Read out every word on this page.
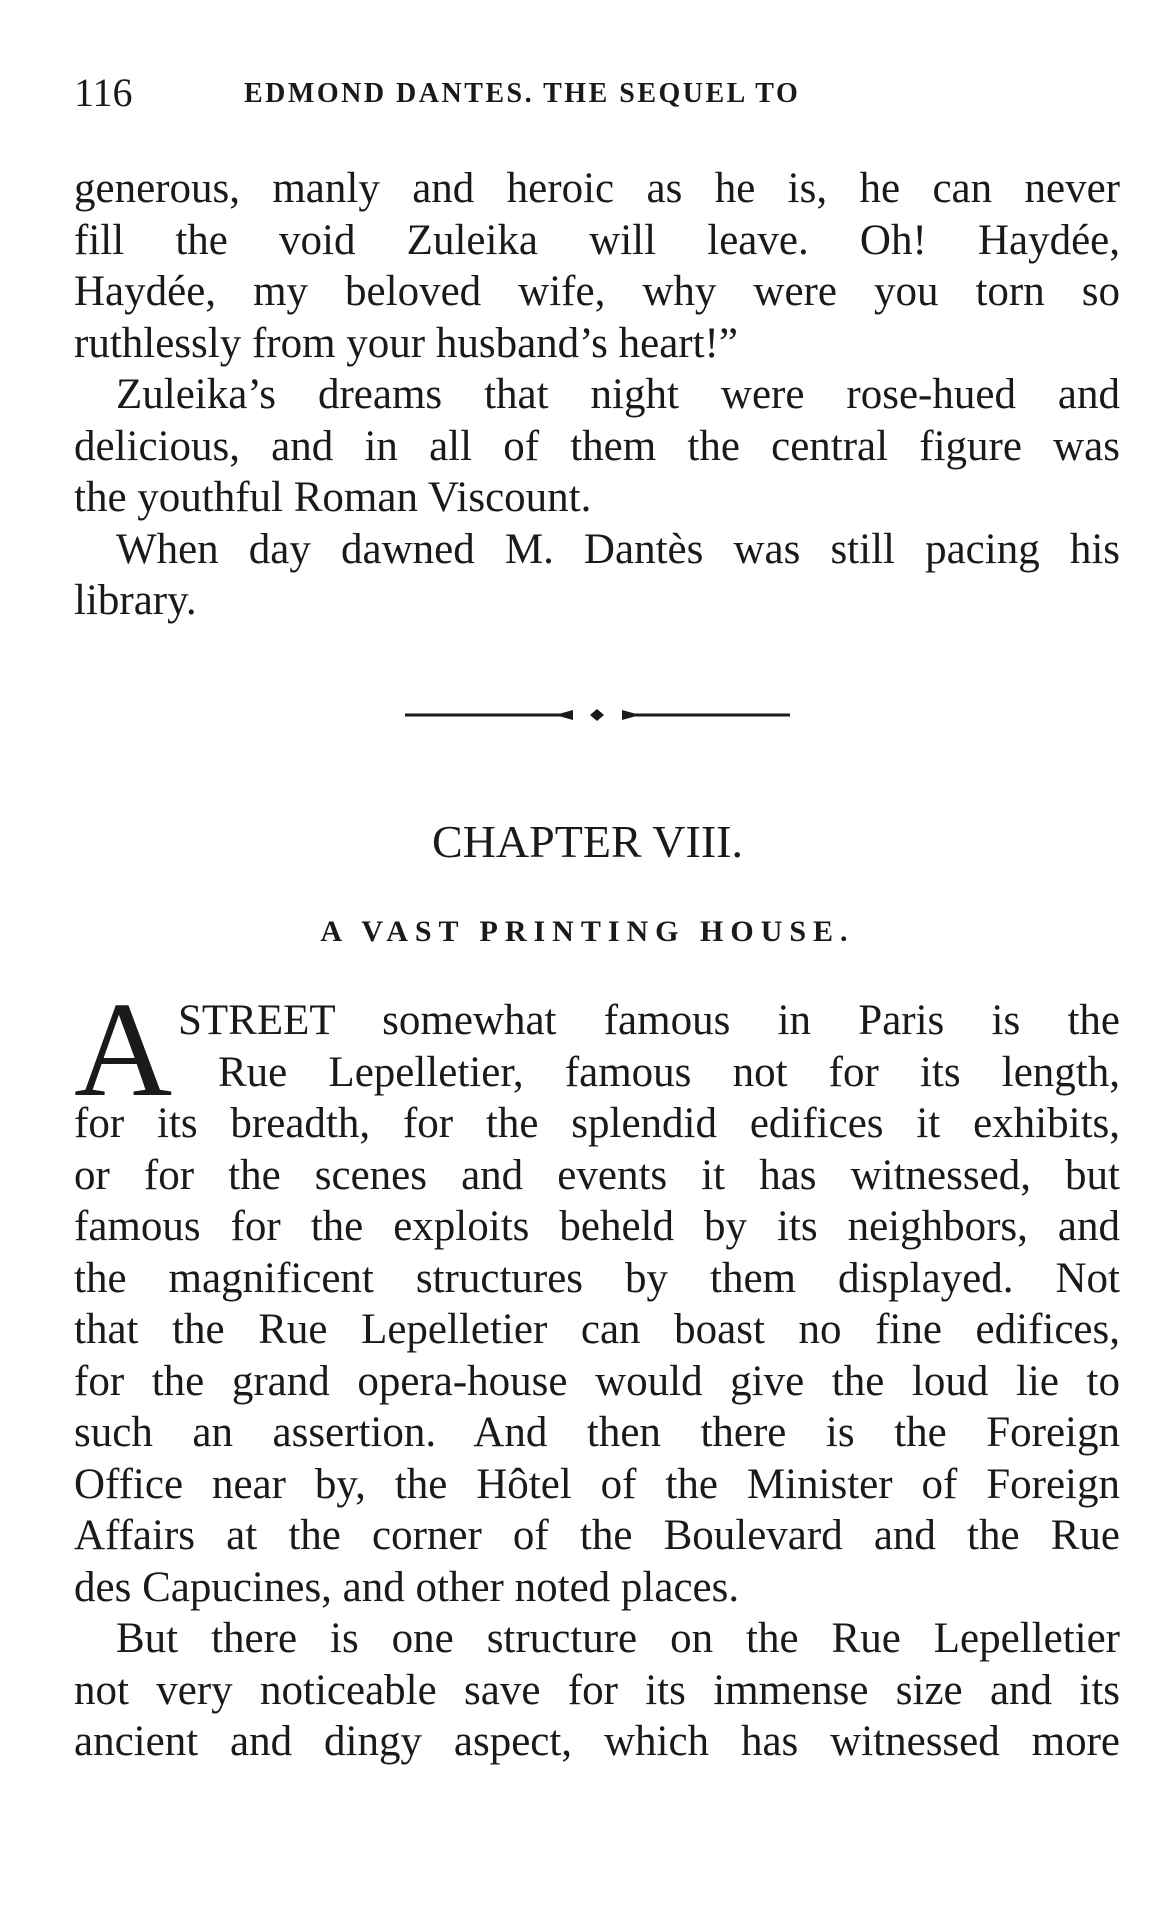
116	EDMOND DANTES. THE SEQUEL TO
generous, manly and heroic as he is, he can never
fill the void Zuleika will leave. Oh! Haydée,
Haydée, my beloved wife, why were you torn so
ruthlessly from your husband’s heart!”
Zuleika’s dreams that night were rose-hued and
delicious, and in all of them the central figure was
the youthful Roman Viscount.
When day dawned M. Dantès was still pacing his
library.
CHAPTER VIII.
A VAST PRINTING HOUSE.
A STREET somewhat famous in Paris is the
Rue Lepelletier, famous not for its length,
for its breadth, for the splendid edifices it exhibits,
or for the scenes and events it has witnessed, but
famous for the exploits beheld by its neighbors, and
the magnificent structures by them displayed. Not
that the Rue Lepelletier can boast no fine edifices,
for the grand opera-house would give the loud lie to
such an assertion. And then there is the Foreign
Office near by, the Hôtel of the Minister of Foreign
Affairs at the corner of the Boulevard and the Rue
des Capucines, and other noted places.
But there is one structure on the Rue Lepelletier
not very noticeable save for its immense size and its
ancient and dingy aspect, which has witnessed more
